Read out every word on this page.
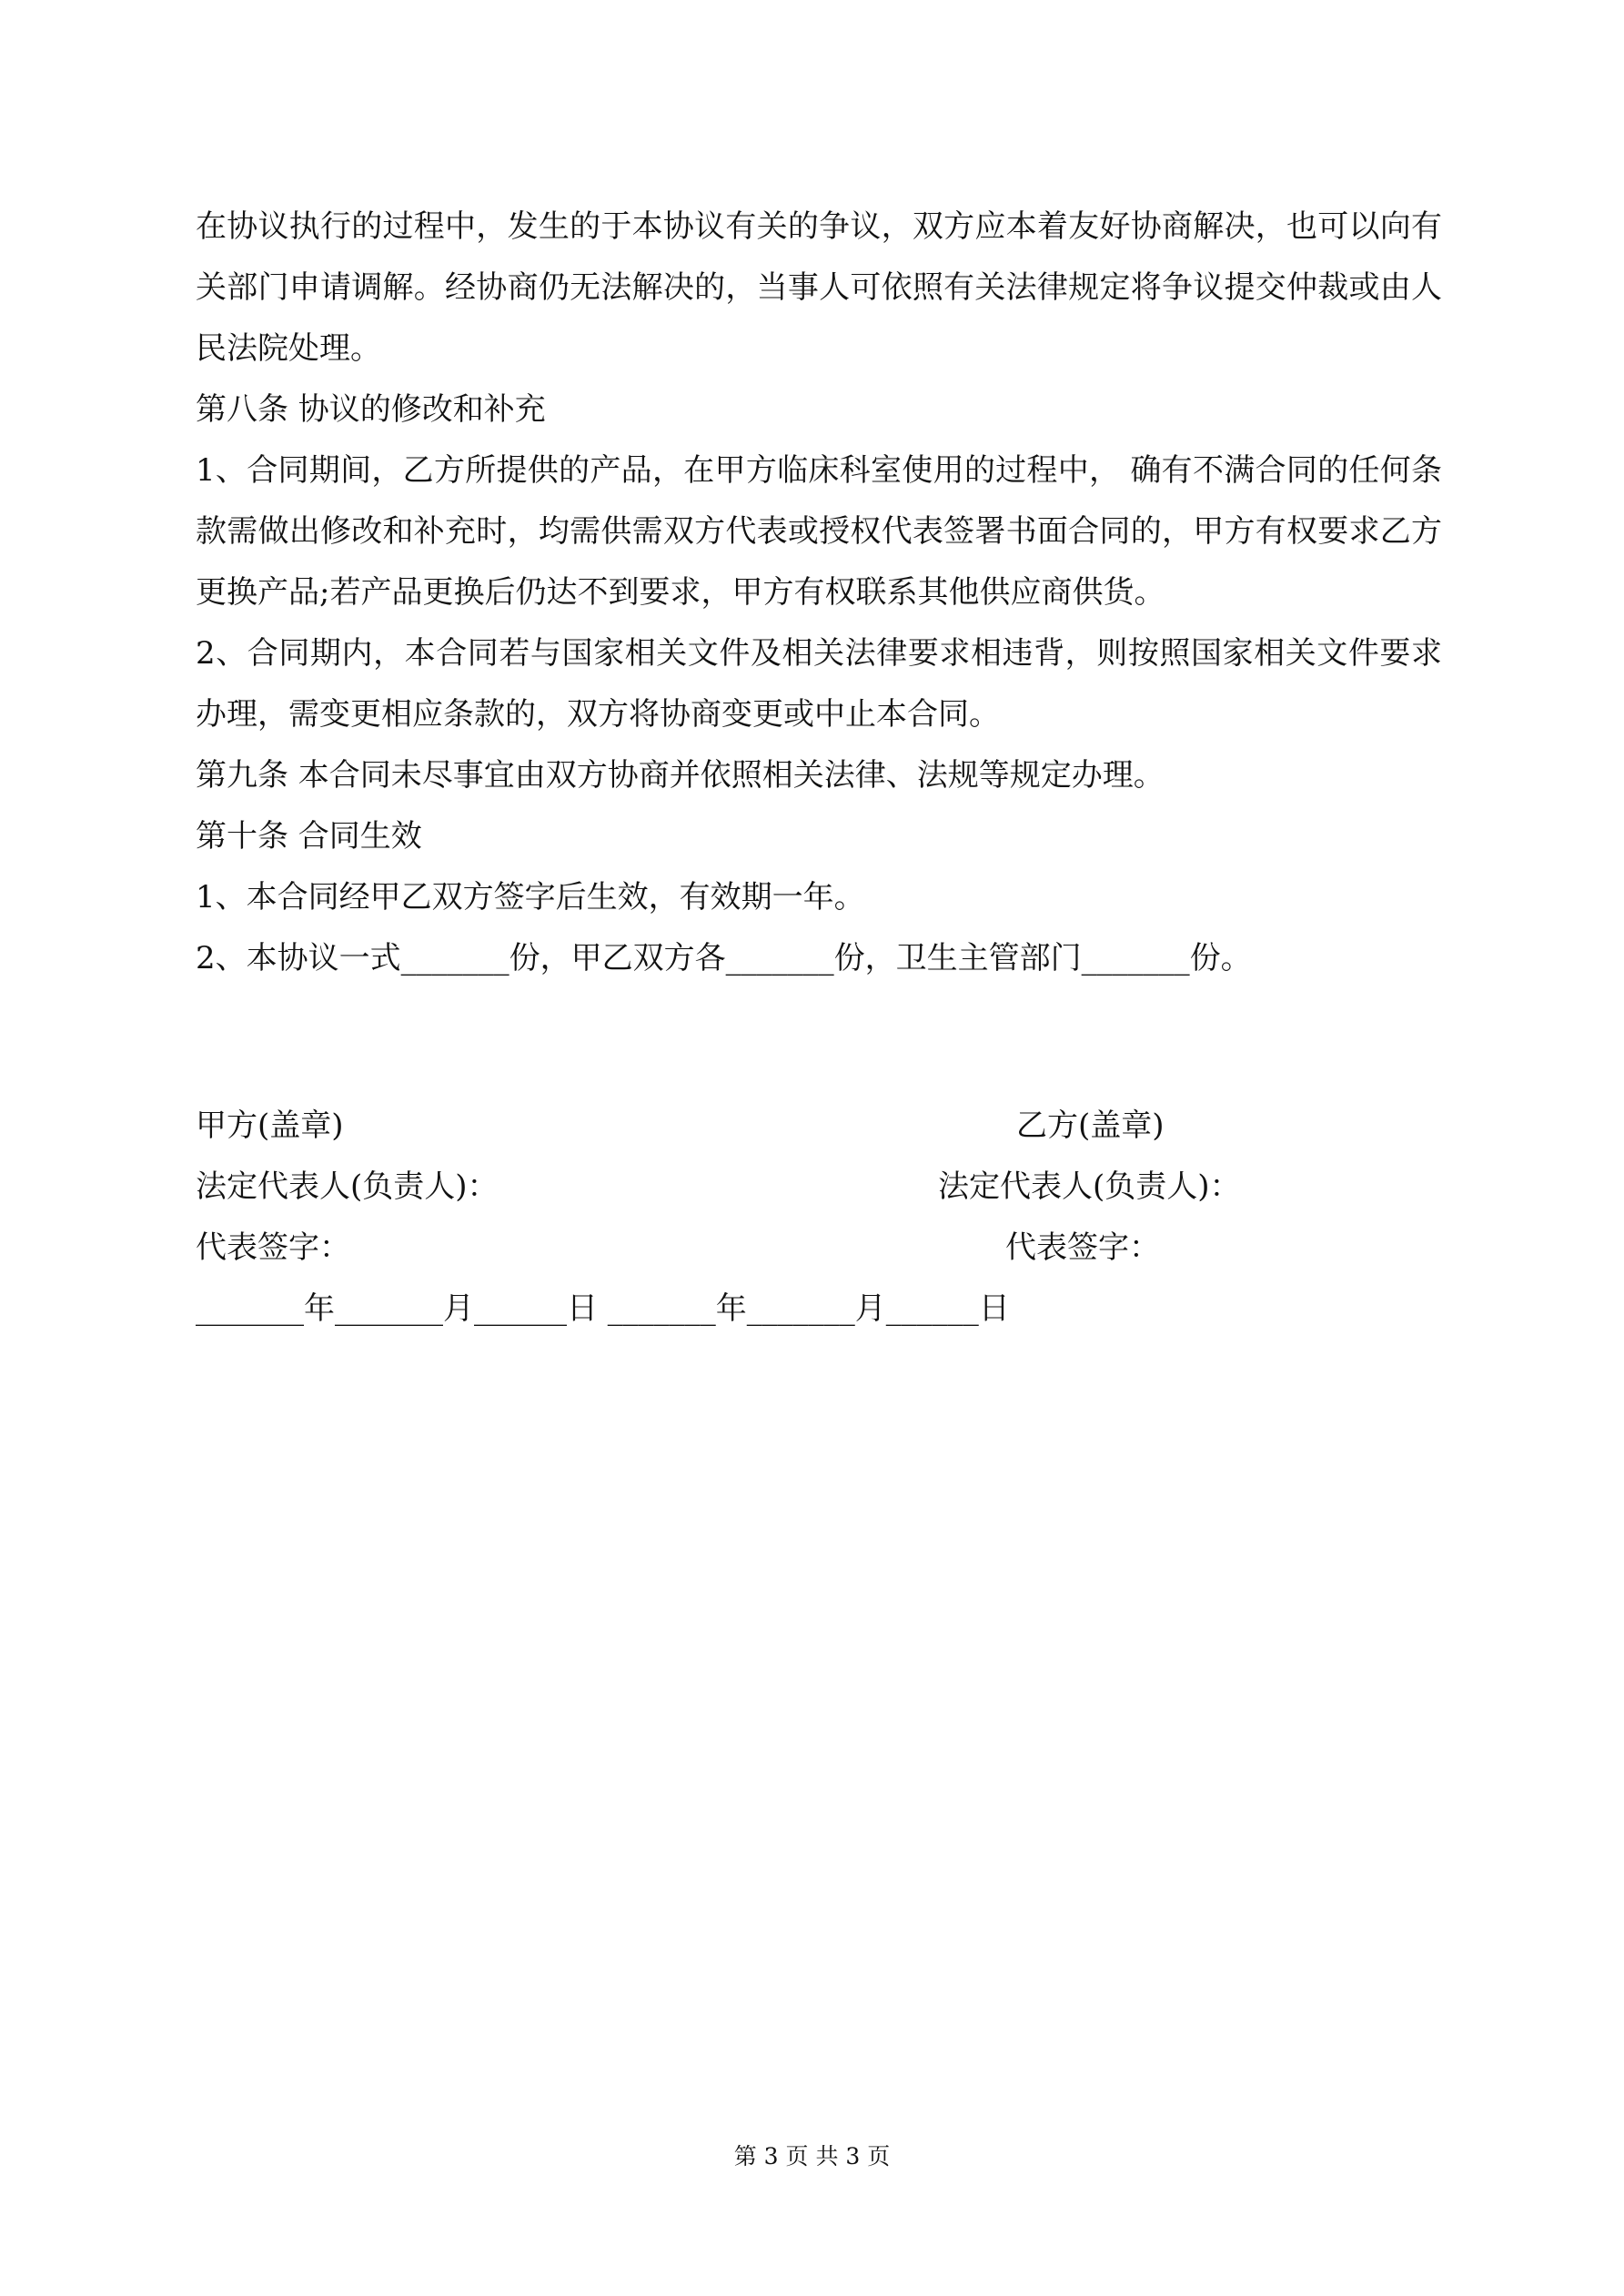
在协议执行的过程中，发生的于本协议有关的争议，双方应本着友好协商解决，也可以向有关部门申请调解。经协商仍无法解决的，当事人可依照有关法律规定将争议提交仲裁或由人民法院处理。

第八条 协议的修改和补充

1、合同期间，乙方所提供的产品，在甲方临床科室使用的过程中， 确有不满合同的任何条款需做出修改和补充时，均需供需双方代表或授权代表签署书面合同的，甲方有权要求乙方更换产品;若产品更换后仍达不到要求，甲方有权联系其他供应商供货。

2、合同期内，本合同若与国家相关文件及相关法律要求相违背，则按照国家相关文件要求办理，需变更相应条款的，双方将协商变更或中止本合同。

第九条 本合同未尽事宜由双方协商并依照相关法律、法规等规定办理。

第十条 合同生效

1、本合同经甲乙双方签字后生效，有效期一年。

2、本协议一式_______份，甲乙双方各_______份，卫生主管部门_______份。

甲方(盖章)	乙方(盖章)
法定代表人(负责人)：	法定代表人(负责人)：
代表签字：	代表签字：
_______年_______月______日 _______年_______月______日
第 3 页 共 3 页
